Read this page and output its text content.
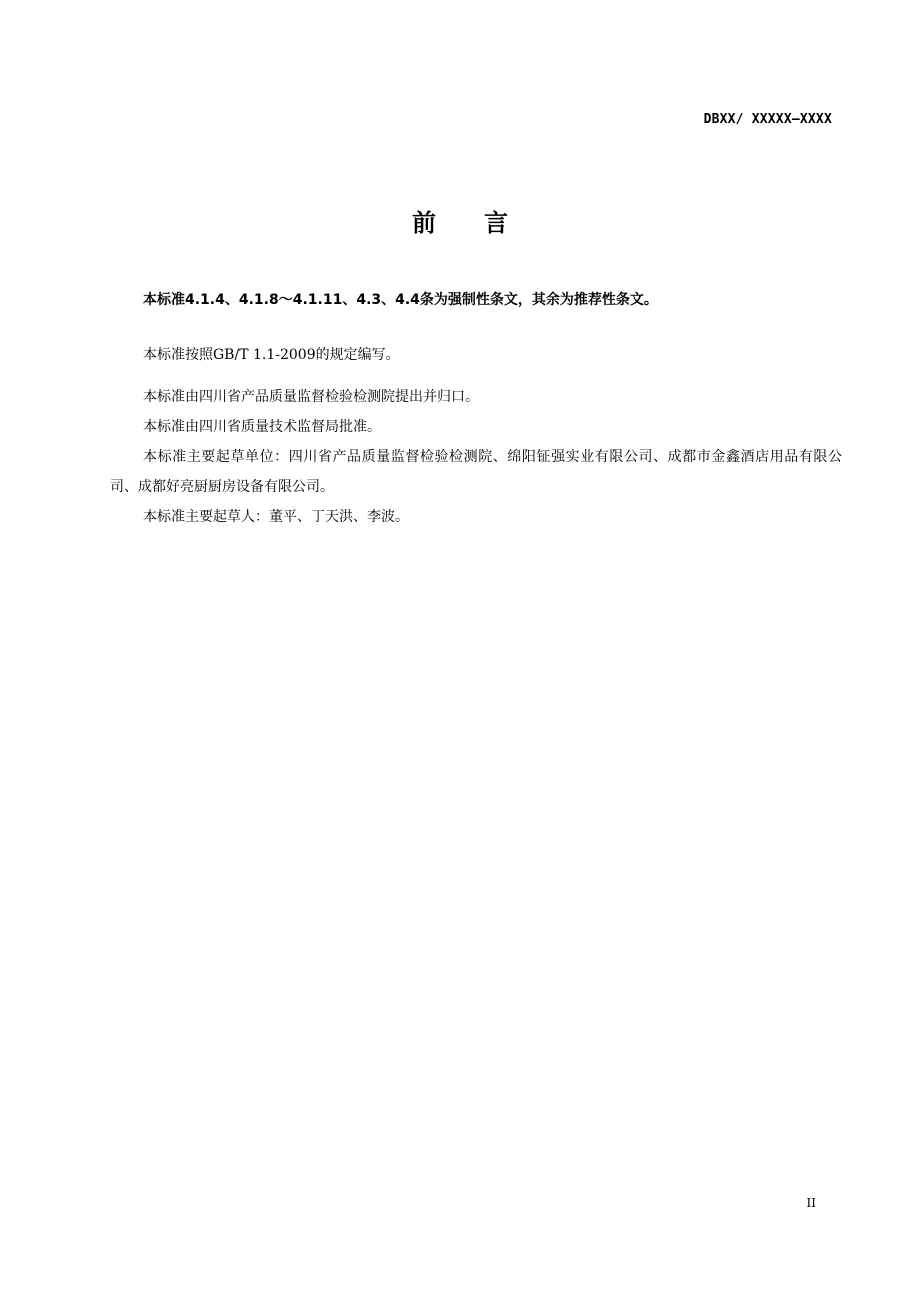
DBXX/ XXXXX—XXXX
前言

本标准4.1.4、4.1.8～4.1.11、4.3、4.4条为强制性条文，其余为推荐性条文。

本标准按照GB/T 1.1-2009的规定编写。

本标准由四川省产品质量监督检验检测院提出并归口。

本标准由四川省质量技术监督局批准。

本标准主要起草单位：四川省产品质量监督检验检测院、绵阳钲强实业有限公司、成都市金鑫酒店用品有限公司、成都好亮厨厨房设备有限公司。

本标准主要起草人：董平、丁天洪、李波。

II
